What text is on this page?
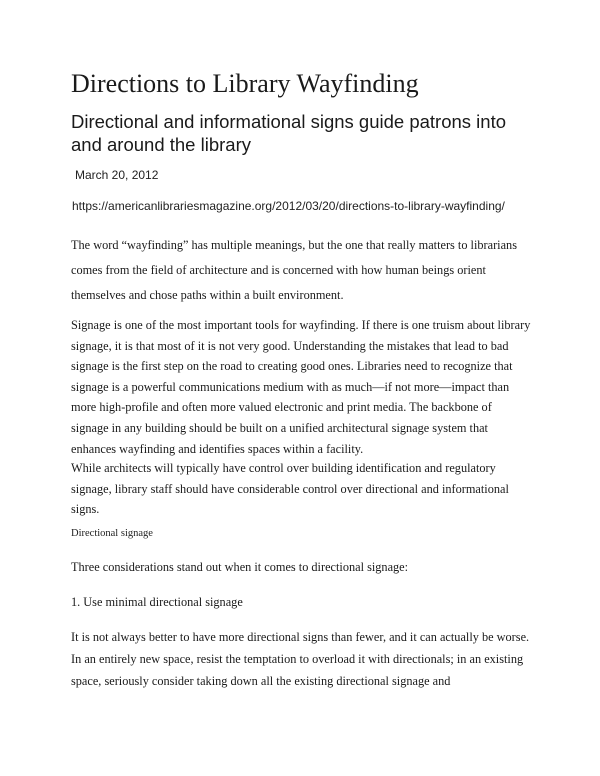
Directions to Library Wayfinding
Directional and informational signs guide patrons into and around the library

March 20, 2012

https://americanlibrariesmagazine.org/2012/03/20/directions-to-library-wayfinding/

The word “wayfinding” has multiple meanings, but the one that really matters to librarians comes from the field of architecture and is concerned with how human beings orient themselves and chose paths within a built environment.

Signage is one of the most important tools for wayfinding. If there is one truism about library signage, it is that most of it is not very good. Understanding the mistakes that lead to bad signage is the first step on the road to creating good ones. Libraries need to recognize that signage is a powerful communications medium with as much—if not more—impact than more high-profile and often more valued electronic and print media. The backbone of signage in any building should be built on a unified architectural signage system that enhances wayfinding and identifies spaces within a facility.

While architects will typically have control over building identification and regulatory signage, library staff should have considerable control over directional and informational signs.

Directional signage

Three considerations stand out when it comes to directional signage:

1. Use minimal directional signage

It is not always better to have more directional signs than fewer, and it can actually be worse. In an entirely new space, resist the temptation to overload it with directionals; in an existing space, seriously consider taking down all the existing directional signage and
